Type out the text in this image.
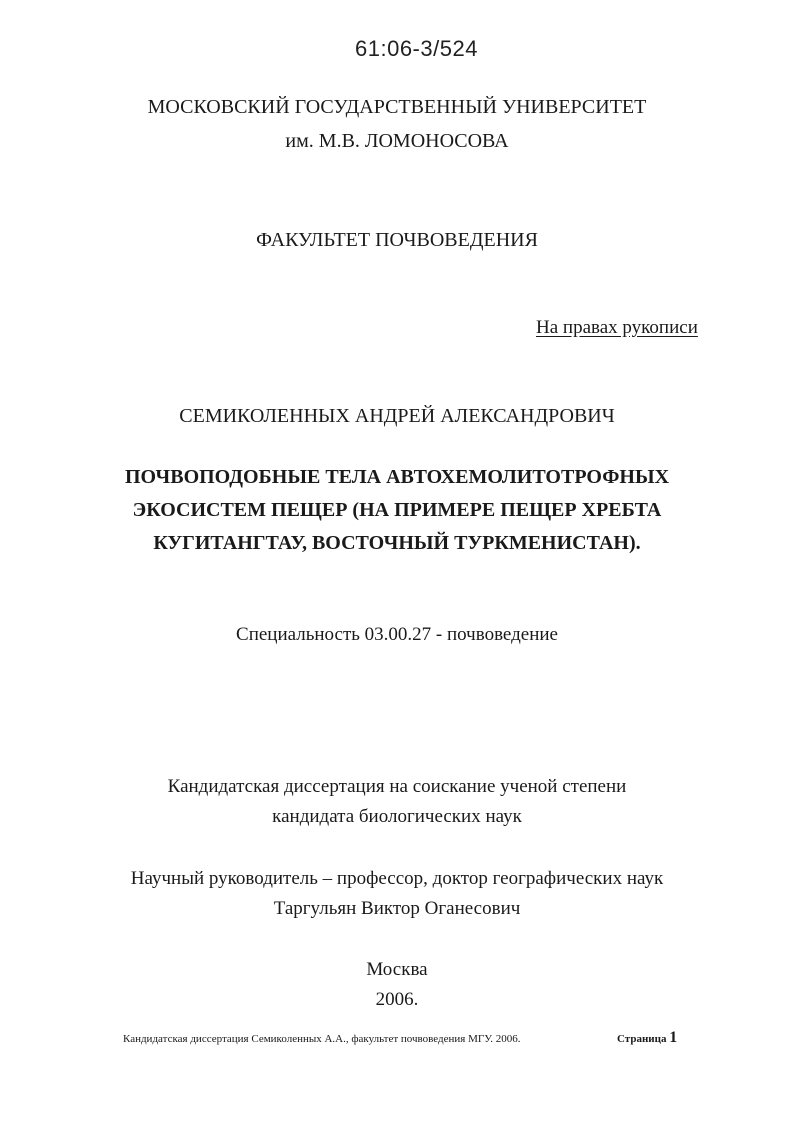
61:06-3/524
МОСКОВСКИЙ ГОСУДАРСТВЕННЫЙ УНИВЕРСИТЕТ
им. М.В. ЛОМОНОСОВА
ФАКУЛЬТЕТ ПОЧВОВЕДЕНИЯ
На правах рукописи
СЕМИКОЛЕННЫХ АНДРЕЙ АЛЕКСАНДРОВИЧ
ПОЧВОПОДОБНЫЕ ТЕЛА АВТОХЕМОЛИТОТРОФНЫХ
ЭКОСИСТЕМ ПЕЩЕР (НА ПРИМЕРЕ ПЕЩЕР ХРЕБТА
КУГИТАНГТАУ, ВОСТОЧНЫЙ ТУРКМЕНИСТАН).
Специальность 03.00.27 - почвоведение
Кандидатская диссертация на соискание ученой степени
кандидата биологических наук
Научный руководитель – профессор, доктор географических наук
Таргульян Виктор Оганесович
Москва
2006.
Кандидатская диссертация Семиколенных А.А., факультет почвоведения МГУ. 2006.	Страница 1
